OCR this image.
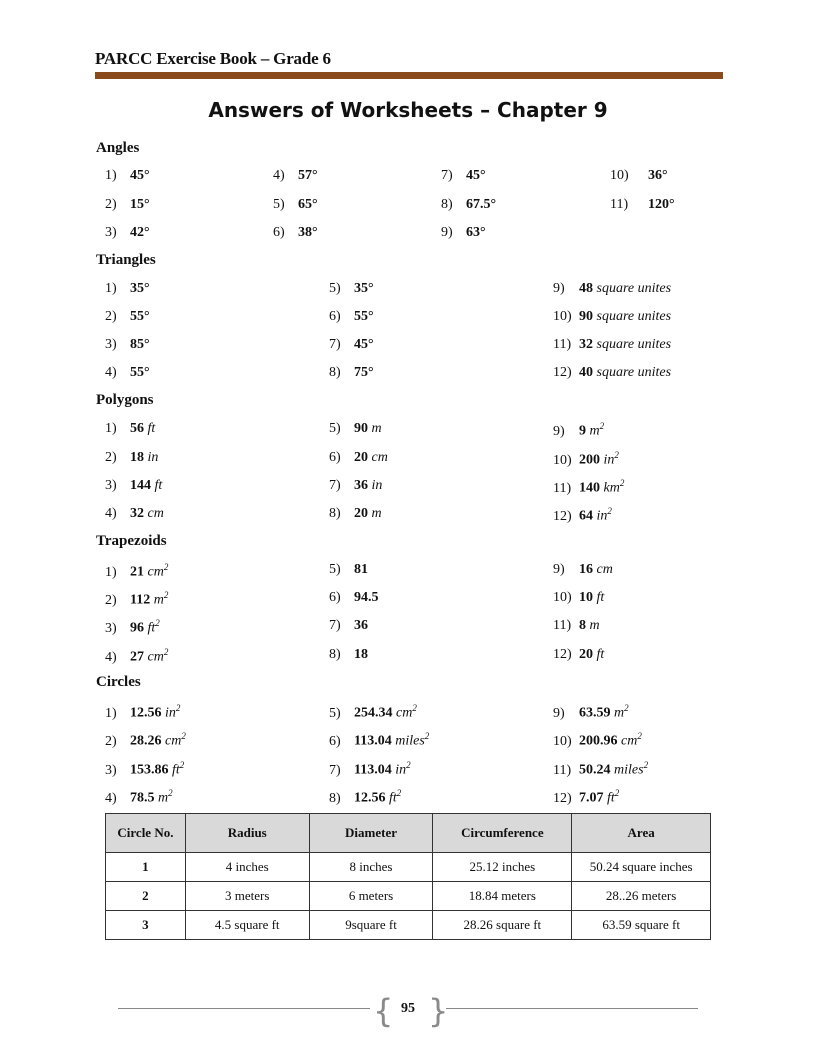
PARCC Exercise Book – Grade 6
Answers of Worksheets – Chapter 9
Angles
Triangles
Polygons
Trapezoids
Circles
1) 45°
2) 15°
3) 42°
4) 57°
5) 65°
6) 38°
7) 45°
8) 67.5°
9) 63°
10) 36°
11) 120°
1) 35°
2) 55°
3) 85°
4) 55°
5) 35°
6) 55°
7) 45°
8) 75°
9) 48 square unites
10) 90 square unites
11) 32 square unites
12) 40 square unites
1) 56 ft
2) 18 in
3) 144 ft
4) 32 cm
5) 90 m
6) 20 cm
7) 36 in
8) 20 m
9) 9 $m^2$
10) 200 $in^2$
11) 140 $km^2$
12) 64 $in^2$
1) 21 $cm^2$
2) 112 $m^2$
3) 96 $ft^2$
4) 27 $cm^2$
5) 81
6) 94.5
7) 36
8) 18
9) 16 cm
10) 10 ft
11) 8 m
12) 20 ft
1) 12.56 $in^2$
2) 28.26 $cm^2$
3) 153.86 $ft^2$
4) 78.5 $m^2$
5) 254.34 $cm^2$
6) 113.04 miles$^2$
7) 113.04 $in^2$
8) 12.56 $ft^2$
9) 63.59 $m^2$
10) 200.96 $cm^2$
11) 50.24 miles$^2$
12) 7.07 $ft^2$
Circle No.	Radius	Diameter	Circumference	Area
1	4 inches	8 inches	25.12 inches	50.24 square inches
2	3 meters	6 meters	18.84 meters	28..26 meters
3	4.5 square ft	9square ft	28.26 square ft	63.59 square ft
{ }
95
